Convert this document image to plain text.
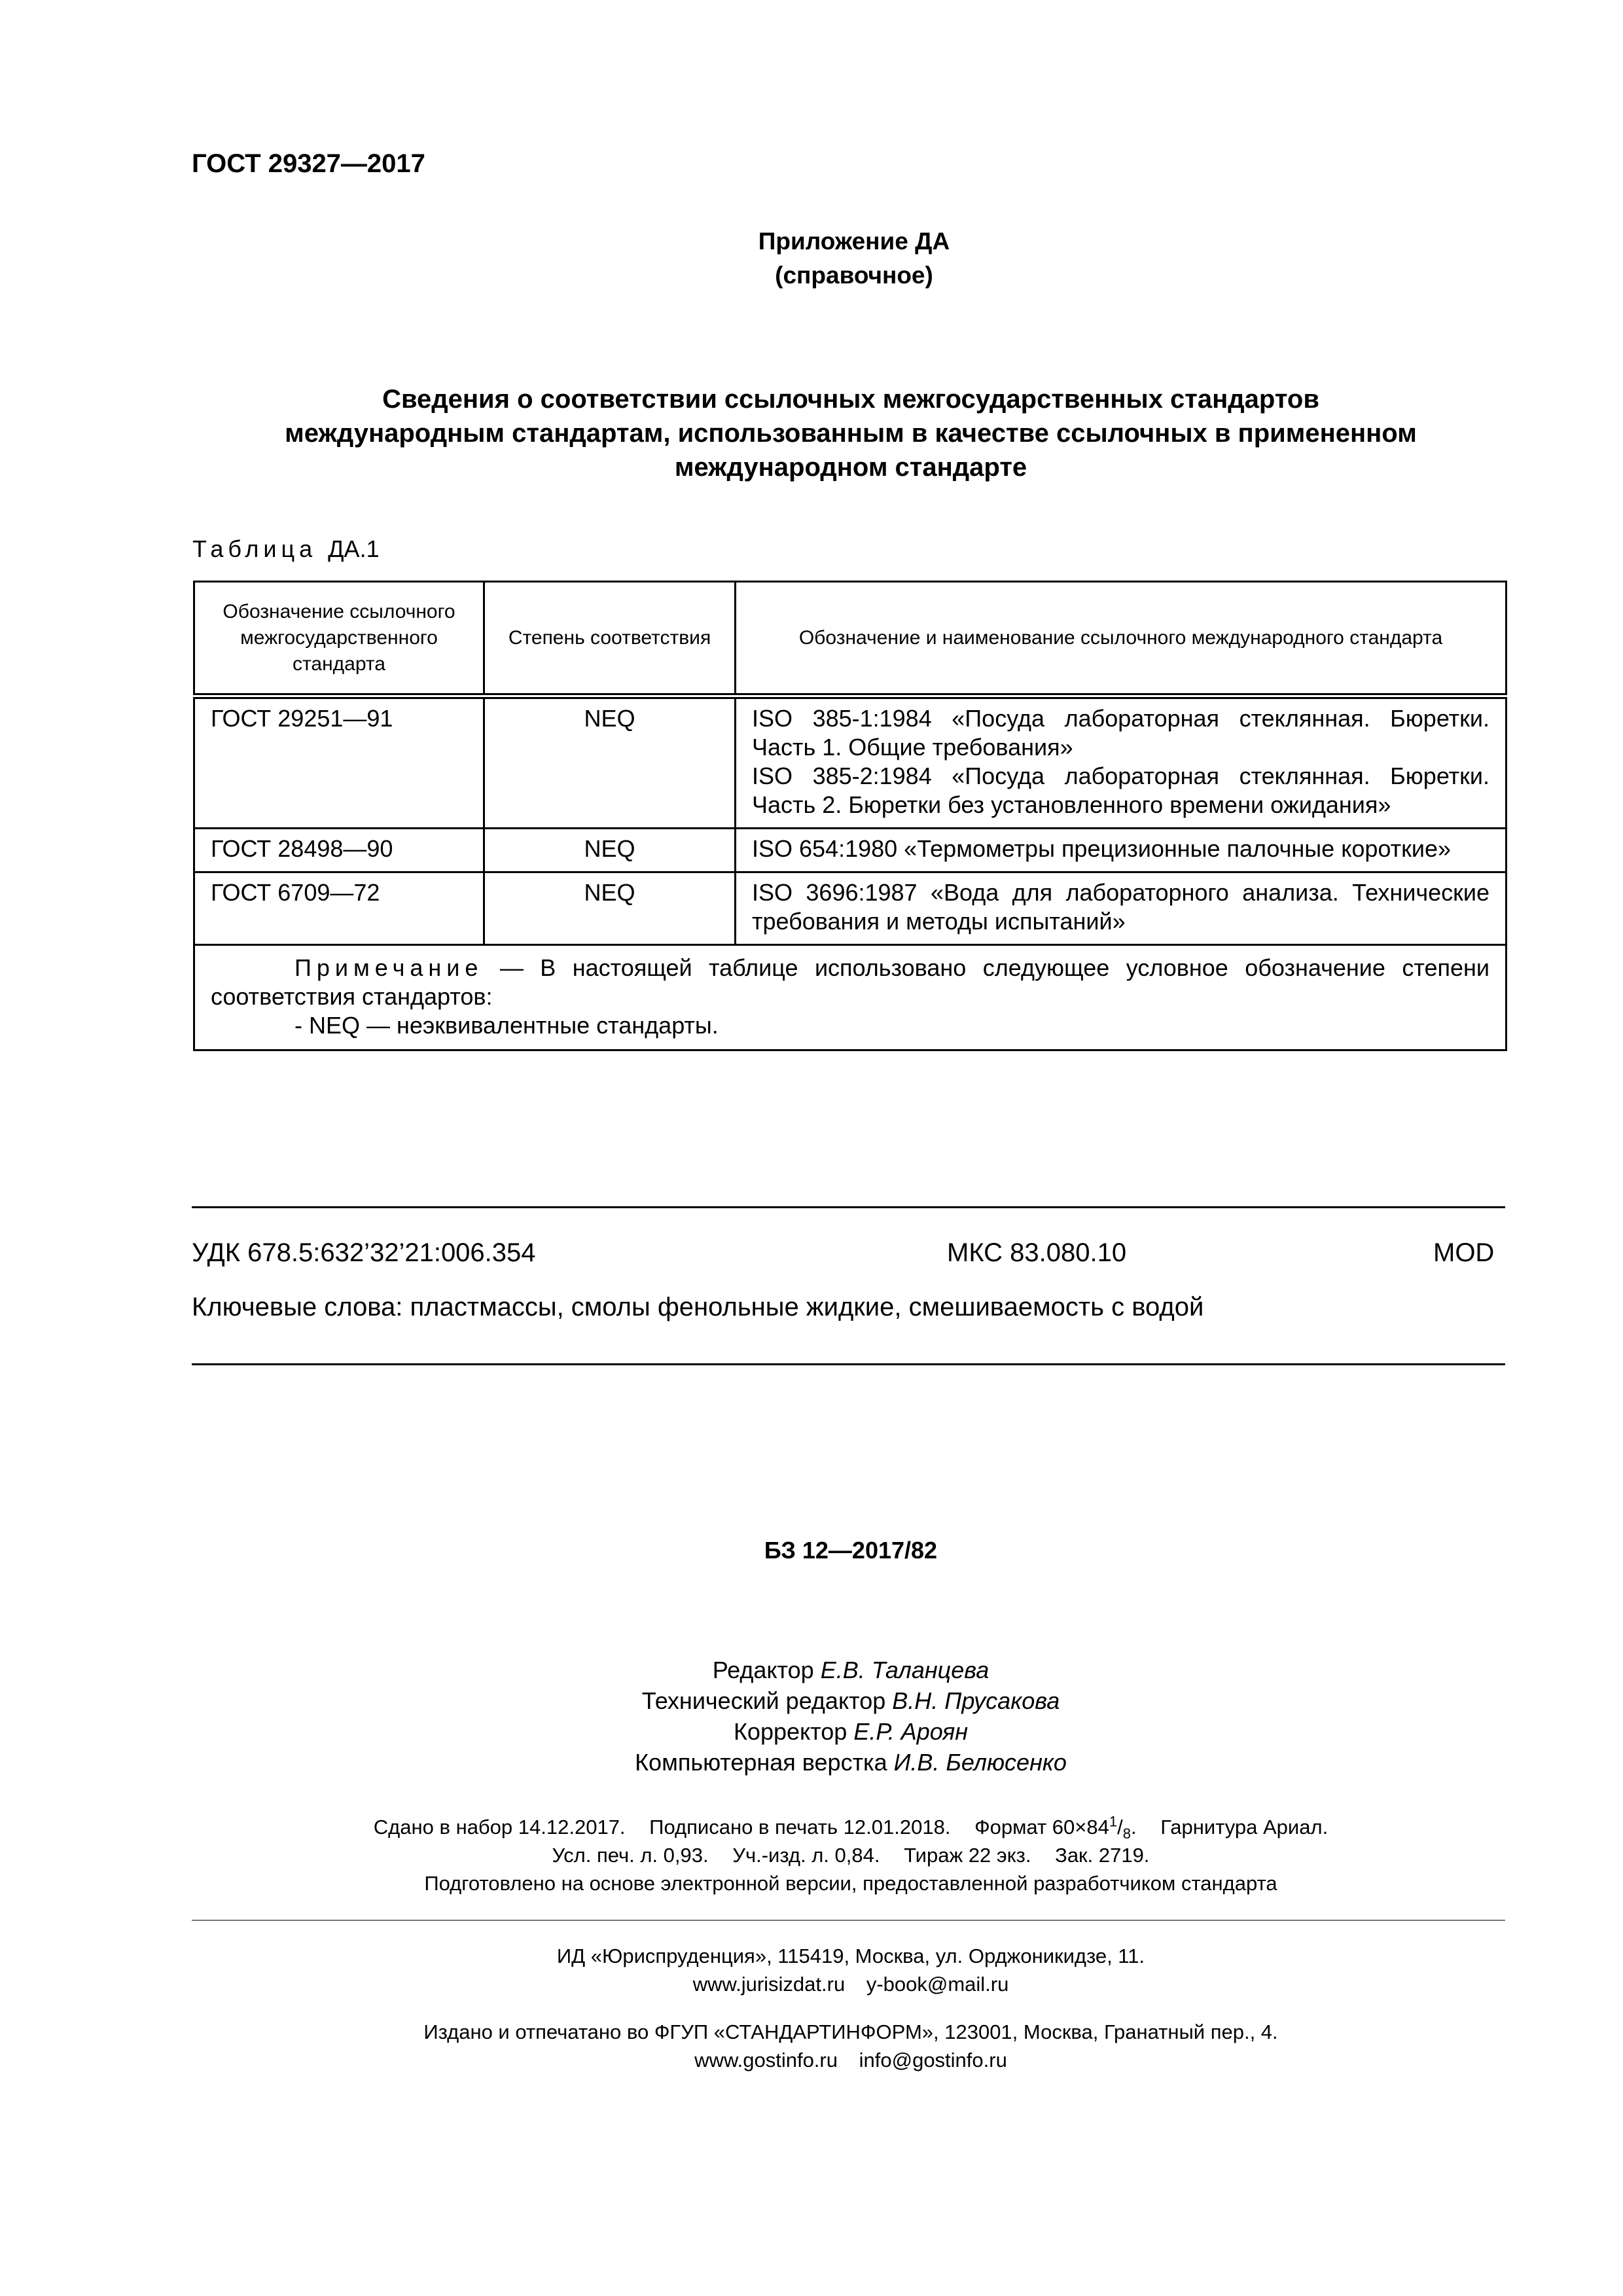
ГОСТ 29327—2017
Приложение ДА
(справочное)
Сведения о соответствии ссылочных межгосударственных стандартов
международным стандартам, использованным в качестве ссылочных в примененном
международном стандарте
Таблица ДА.1
Обозначение ссылочного межгосударственного стандарта	Степень соответствия	Обозначение и наименование ссылочного международного стандарта
ГОСТ 29251—91	NEQ	ISO 385-1:1984 «Посуда лабораторная стеклянная. Бюретки. Часть 1. Общие требования»
ISO 385-2:1984 «Посуда лабораторная стеклянная. Бюретки. Часть 2. Бюретки без установленного времени ожидания»

ГОСТ 28498—90	NEQ	ISO 654:1980 «Термометры прецизионные палочные короткие»

ГОСТ 6709—72	NEQ	ISO 3696:1987 «Вода для лабораторного анализа. Технические требования и методы испытаний»

Примечание — В настоящей таблице использовано следующее условное обозначение степени соответствия стандартов:
- NEQ — неэквивалентные стандарты.		
УДК 678.5:632’32’21:006.354	МКС 83.080.10	MOD
Ключевые слова: пластмассы, смолы фенольные жидкие, смешиваемость с водой
БЗ 12—2017/82
Редактор Е.В. Таланцева
Технический редактор В.Н. Прусакова
Корректор Е.Р. Ароян
Компьютерная верстка И.В. Белюсенко
Сдано в набор 14.12.2017. Подписано в печать 12.01.2018. Формат $60\times 84^1/_8$. Гарнитура Ариал.
Усл. печ. л. 0,93. Уч.-изд. л. 0,84. Тираж 22 экз. Зак. 2719.
Подготовлено на основе электронной версии, предоставленной разработчиком стандарта
ИД «Юриспруденция», 115419, Москва, ул. Орджоникидзе, 11.
www.jurisizdat.ru y-book@mail.ru
Издано и отпечатано во ФГУП «СТАНДАРТИНФОРМ», 123001, Москва, Гранатный пер., 4.
www.gostinfo.ru info@gostinfo.ru
